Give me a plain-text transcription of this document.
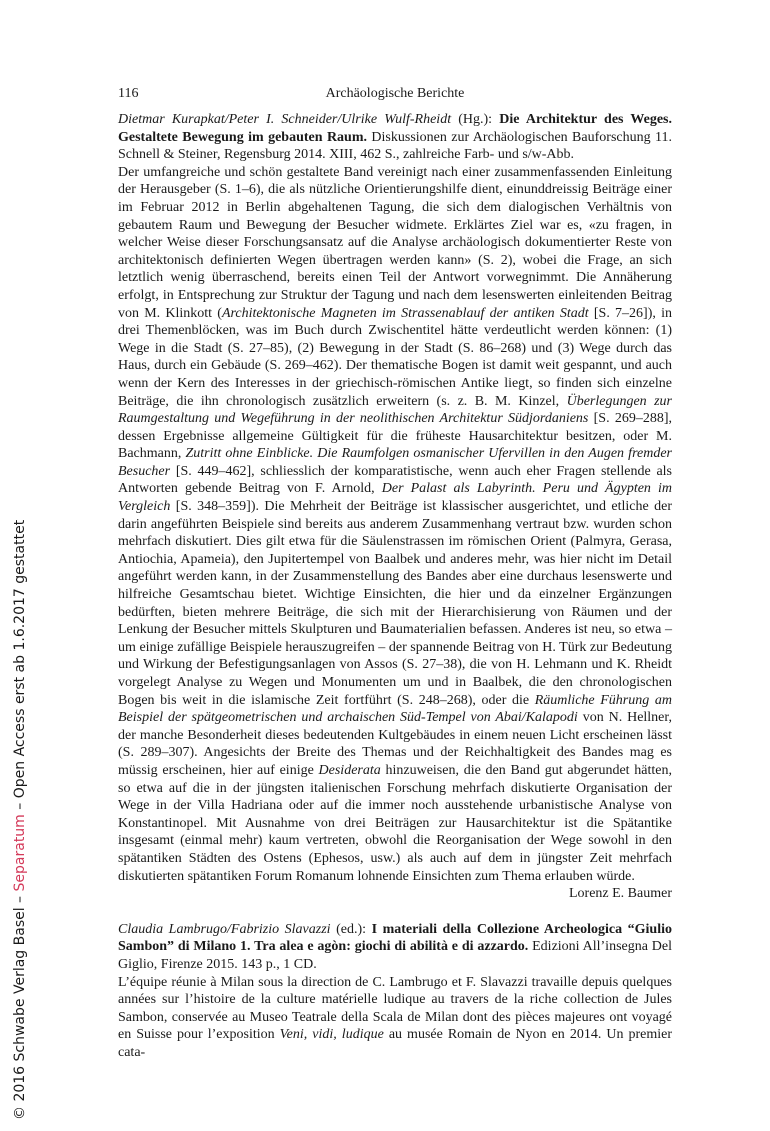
116	Archäologische Berichte

Dietmar Kurapkat/Peter I. Schneider/Ulrike Wulf-Rheidt (Hg.): Die Architektur des Weges. Gestaltete Bewegung im gebauten Raum. Diskussionen zur Archäologischen Bauforschung 11. Schnell & Steiner, Regensburg 2014. XIII, 462 S., zahlreiche Farb- und s/w-Abb.

Der umfangreiche und schön gestaltete Band vereinigt nach einer zusammenfassenden Einleitung der Herausgeber (S. 1–6), die als nützliche Orientierungshilfe dient, einunddreissig Beiträge einer im Februar 2012 in Berlin abgehaltenen Tagung, die sich dem dialogischen Verhältnis von gebautem Raum und Bewegung der Besucher widmete. Erklärtes Ziel war es, «zu fragen, in welcher Weise dieser Forschungsansatz auf die Analyse archäologisch dokumentierter Reste von architektonisch definierten Wegen übertragen werden kann» (S. 2), wobei die Frage, an sich letztlich wenig überraschend, bereits einen Teil der Antwort vorwegnimmt. Die Annäherung erfolgt, in Entsprechung zur Struktur der Tagung und nach dem lesenswerten einleitenden Beitrag von M. Klinkott (Architektonische Magneten im Strassenablauf der antiken Stadt [S. 7–26]), in drei Themenblöcken, was im Buch durch Zwischentitel hätte verdeutlicht werden können: (1) Wege in die Stadt (S. 27–85), (2) Bewegung in der Stadt (S. 86–268) und (3) Wege durch das Haus, durch ein Gebäude (S. 269–462). Der thematische Bogen ist damit weit gespannt, und auch wenn der Kern des Interesses in der griechisch-römischen Antike liegt, so finden sich einzelne Beiträge, die ihn chronologisch zusätzlich erweitern (s. z. B. M. Kinzel, Überlegungen zur Raumgestaltung und Wegeführung in der neolithischen Architektur Südjordaniens [S. 269–288], dessen Ergebnisse allgemeine Gültigkeit für die früheste Hausarchitektur besitzen, oder M. Bachmann, Zutritt ohne Einblicke. Die Raumfolgen osmanischer Ufervillen in den Augen fremder Besucher [S. 449–462], schliesslich der komparatistische, wenn auch eher Fragen stellende als Antworten gebende Beitrag von F. Arnold, Der Palast als Labyrinth. Peru und Ägypten im Vergleich [S. 348–359]). Die Mehrheit der Beiträge ist klassischer ausgerichtet, und etliche der darin angeführten Beispiele sind bereits aus anderem Zusammenhang vertraut bzw. wurden schon mehrfach diskutiert. Dies gilt etwa für die Säulenstrassen im römischen Orient (Palmyra, Gerasa, Antiochia, Apameia), den Jupitertempel von Baalbek und anderes mehr, was hier nicht im Detail angeführt werden kann, in der Zusammenstellung des Bandes aber eine durchaus lesenswerte und hilfreiche Gesamtschau bietet. Wichtige Einsichten, die hier und da einzelner Ergänzungen bedürften, bieten mehrere Beiträge, die sich mit der Hierarchisierung von Räumen und der Lenkung der Besucher mittels Skulpturen und Baumaterialien befassen. Anderes ist neu, so etwa – um einige zufällige Beispiele herauszugreifen – der spannende Beitrag von H. Türk zur Bedeutung und Wirkung der Befestigungsanlagen von Assos (S. 27–38), die von H. Lehmann und K. Rheidt vorgelegt Analyse zu Wegen und Monumenten um und in Baalbek, die den chronologischen Bogen bis weit in die islamische Zeit fortführt (S. 248–268), oder die Räumliche Führung am Beispiel der spätgeometrischen und archaischen Süd-Tempel von Abai/Kalapodi von N. Hellner, der manche Besonderheit dieses bedeutenden Kultgebäudes in einem neuen Licht erscheinen lässt (S. 289–307). Angesichts der Breite des Themas und der Reichhaltigkeit des Bandes mag es müssig erscheinen, hier auf einige Desiderata hinzuweisen, die den Band gut abgerundet hätten, so etwa auf die in der jüngsten italienischen Forschung mehrfach diskutierte Organisation der Wege in der Villa Hadriana oder auf die immer noch ausstehende urbanistische Analyse von Konstantinopel. Mit Ausnahme von drei Beiträgen zur Hausarchitektur ist die Spätantike insgesamt (einmal mehr) kaum vertreten, obwohl die Reorganisation der Wege sowohl in den spätantiken Städten des Ostens (Ephesos, usw.) als auch auf dem in jüngster Zeit mehrfach diskutierten spätantiken Forum Romanum lohnende Einsichten zum Thema erlauben würde.

Lorenz E. Baumer

Claudia Lambrugo/Fabrizio Slavazzi (ed.): I materiali della Collezione Archeologica “Giulio Sambon” di Milano 1. Tra alea e agòn: giochi di abilità e di azzardo. Edizioni All’insegna Del Giglio, Firenze 2015. 143 p., 1 CD.

L’équipe réunie à Milan sous la direction de C. Lambrugo et F. Slavazzi travaille depuis quelques années sur l’histoire de la culture matérielle ludique au travers de la riche collection de Jules Sambon, conservée au Museo Teatrale della Scala de Milan dont des pièces majeures ont voyagé en Suisse pour l’exposition Veni, vidi, ludique au musée Romain de Nyon en 2014. Un premier cata-

© 2016 Schwabe Verlag Basel – Separatum – Open Access erst ab 1.6.2017 gestattet
